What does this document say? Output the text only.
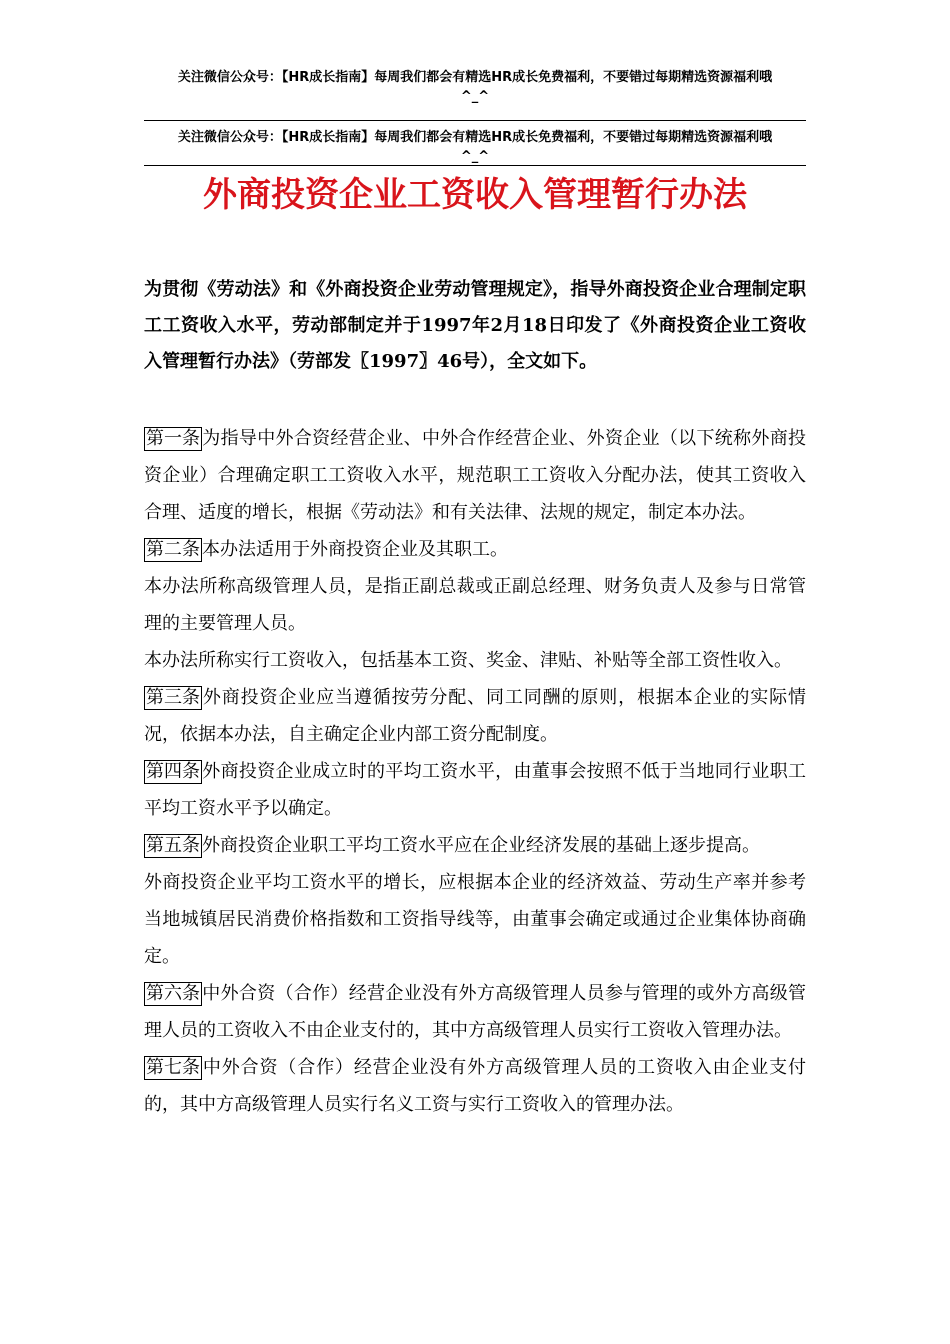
关注微信公众号：【HR成长指南】每周我们都会有精选HR成长免费福利，不要错过每期精选资源福利哦
^_^
关注微信公众号：【HR成长指南】每周我们都会有精选HR成长免费福利，不要错过每期精选资源福利哦
^_^
外商投资企业工资收入管理暂行办法
为贯彻《劳动法》和《外商投资企业劳动管理规定》，指导外商投资企业合理制定职工工资收入水平，劳动部制定并于1997年2月18日印发了《外商投资企业工资收入管理暂行办法》（劳部发〖1997〗46号），全文如下。

第一条 为指导中外合资经营企业、中外合作经营企业、外资企业（以下统称外商投资企业）合理确定职工工资收入水平，规范职工工资收入分配办法，使其工资收入合理、适度的增长，根据《劳动法》和有关法律、法规的规定，制定本办法。

第二条 本办法适用于外商投资企业及其职工。

本办法所称高级管理人员，是指正副总裁或正副总经理、财务负责人及参与日常管理的主要管理人员。

本办法所称实行工资收入，包括基本工资、奖金、津贴、补贴等全部工资性收入。

第三条 外商投资企业应当遵循按劳分配、同工同酬的原则，根据本企业的实际情况，依据本办法，自主确定企业内部工资分配制度。

第四条 外商投资企业成立时的平均工资水平，由董事会按照不低于当地同行业职工平均工资水平予以确定。

第五条 外商投资企业职工平均工资水平应在企业经济发展的基础上逐步提高。

外商投资企业平均工资水平的增长，应根据本企业的经济效益、劳动生产率并参考当地城镇居民消费价格指数和工资指导线等，由董事会确定或通过企业集体协商确定。

第六条 中外合资（合作）经营企业没有外方高级管理人员参与管理的或外方高级管理人员的工资收入不由企业支付的，其中方高级管理人员实行工资收入管理办法。

第七条 中外合资（合作）经营企业没有外方高级管理人员的工资收入由企业支付的，其中方高级管理人员实行名义工资与实行工资收入的管理办法。
